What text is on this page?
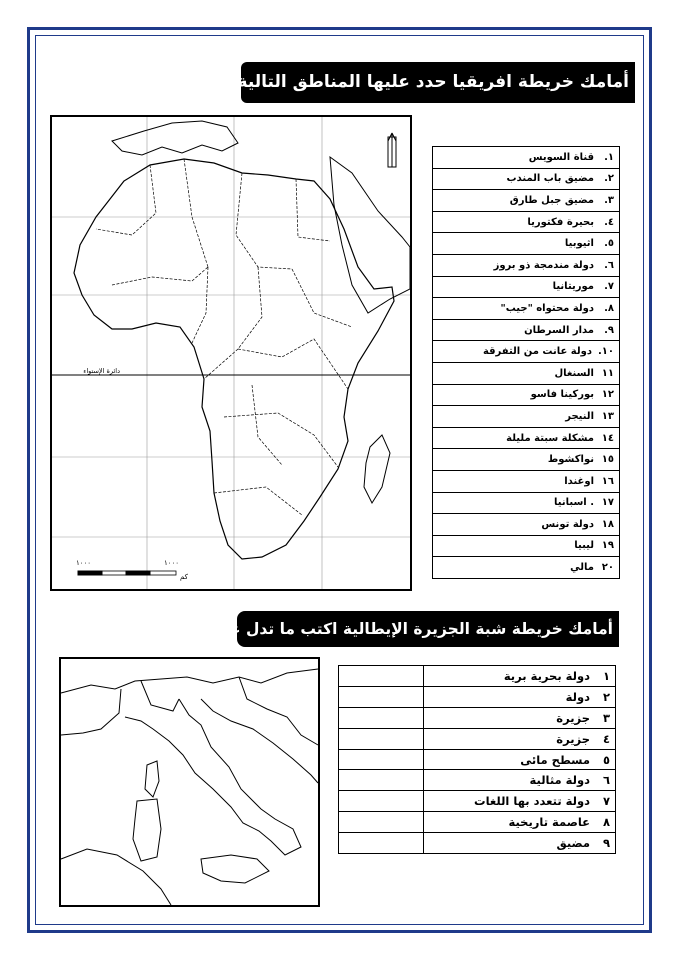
أمامك خريطة افريقيا حدد عليها المناطق التالية
دائرة الإستواء
١٠٠٠	١٠٠٠
كم
١.قناة السويس
٢.مضيق باب المندب
٣.مضيق جبل طارق
٤.بحيرة فكتوريا
٥.اثيوبيا
٦.دولة مندمجة ذو بروز
٧.موريتانيا
٨.دولة محتواه "جيب"
٩.مدار السرطان
١٠.دولة عانت من التفرقة
١١السنغال
١٢بوركينا فاسو
١٣النيجر
١٤مشكلة سبتة مليلة
١٥نواكشوط
١٦اوغندا
١٧. اسبانيا
١٨دولة تونس
١٩ليبيا
٢٠مالي
أمامك خريطة شبة الجزيرة الإيطالية اكتب ما تدل علية الارقام
١دولة بحرية برية	
٢دولة	
٣جزيرة	
٤جزيرة	
٥مسطح مائى	
٦دولة مثالية	
٧دولة تتعدد بها اللغات	
٨عاصمة تاريخية	
٩مضيق	
